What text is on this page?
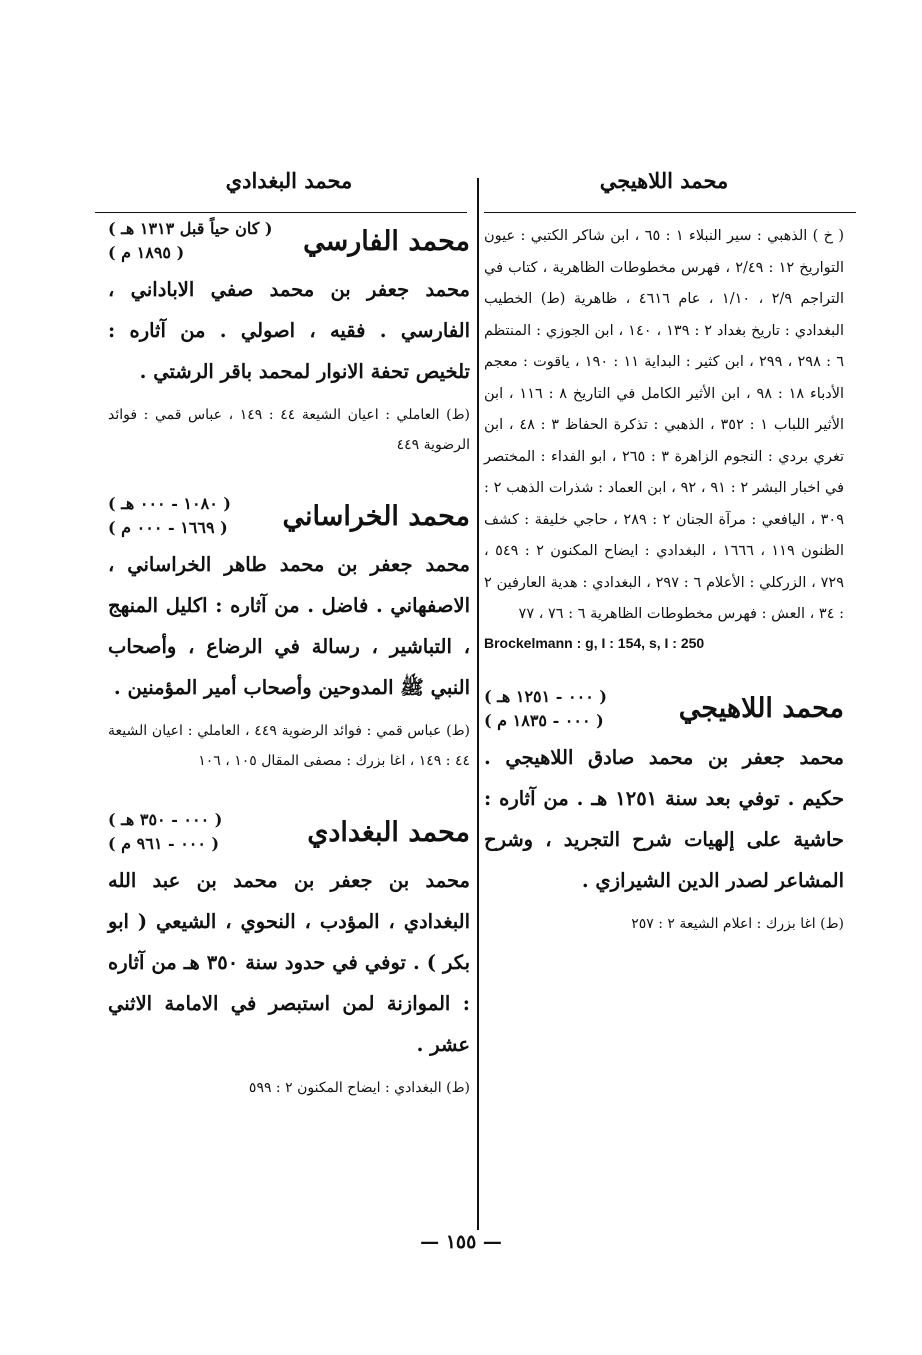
محمد اللاهيجي

( خ ) الذهبي : سير النبلاء ١ : ٦٥ ، ابن شاكر الكتبي : عيون التواريخ ١٢ : ٢/٤٩ ، فهرس مخطوطات الظاهرية ، كتاب في التراجم ٢/٩ ، ١/١٠ ، عام ٤٦١٦ ، ظاهرية (ط) الخطيب البغدادي : تاريخ بغداد ٢ : ١٣٩ ، ١٤٠ ، ابن الجوزي : المنتظم ٦ : ٢٩٨ ، ٢٩٩ ، ابن كثير : البداية ١١ : ١٩٠ ، ياقوت : معجم الأدباء ١٨ : ٩٨ ، ابن الأثير الكامل في التاريخ ٨ : ١١٦ ، ابن الأثير اللباب ١ : ٣٥٢ ، الذهبي : تذكرة الحفاظ ٣ : ٤٨ ، ابن تغري بردي : النجوم الزاهرة ٣ : ٢٦٥ ، ابو الفداء : المختصر في اخبار البشر ٢ : ٩١ ، ٩٢ ، ابن العماد : شذرات الذهب ٢ : ٣٠٩ ، اليافعي : مرآة الجنان ٢ : ٢٨٩ ، حاجي خليفة : كشف الظنون ١١٩ ، ١٦٦٦ ، البغدادي : ايضاح المكنون ٢ : ٥٤٩ ، ٧٢٩ ، الزركلي : الأعلام ٦ : ٢٩٧ ، البغدادي : هدية العارفين ٢ : ٣٤ ، العش : فهرس مخطوطات الظاهرية ٦ : ٧٦ ، ٧٧

Brockelmann : g, I : 154, s, I : 250
محمد اللاهيجي
( ٠٠٠ - ١٢٥١ هـ )
( ٠٠٠ - ١٨٣٥ م )

محمد جعفر بن محمد صادق اللاهيجي . حكيم . توفي بعد سنة ١٢٥١ هـ . من آثاره : حاشية على إلهيات شرح التجريد ، وشرح المشاعر لصدر الدين الشيرازي .

(ط) اغا بزرك : اعلام الشيعة ٢ : ٢٥٧

محمد البغدادي
محمد الفارسي
( كان حياً قبل ١٣١٣ هـ )
( ١٨٩٥ م )

محمد جعفر بن محمد صفي الاباداني ، الفارسي . فقيه ، اصولي . من آثاره : تلخيص تحفة الانوار لمحمد باقر الرشتي .

(ط) العاملي : اعيان الشيعة ٤٤ : ١٤٩ ، عباس قمي : فوائد الرضوية ٤٤٩

محمد الخراساني
( ١٠٨٠ - ٠٠٠ هـ )
( ١٦٦٩ - ٠٠٠ م )

محمد جعفر بن محمد طاهر الخراساني ، الاصفهاني . فاضل . من آثاره : اكليل المنهج ، التباشير ، رسالة في الرضاع ، وأصحاب النبي ﷺ المدوحين وأصحاب أمير المؤمنين .

(ط) عباس قمي : فوائد الرضوية ٤٤٩ ، العاملي : اعيان الشيعة ٤٤ : ١٤٩ ، اغا بزرك : مصفى المقال ١٠٥ ، ١٠٦

محمد البغدادي
( ٠٠٠ - ٣٥٠ هـ )
( ٠٠٠ - ٩٦١ م )

محمد بن جعفر بن محمد بن عبد الله البغدادي ، المؤدب ، النحوي ، الشيعي ( ابو بكر ) . توفي في حدود سنة ٣٥٠ هـ من آثاره : الموازنة لمن استبصر في الامامة الاثني عشر .

(ط) البغدادي : ايضاح المكنون ٢ : ٥٩٩

— ١٥٥ —
